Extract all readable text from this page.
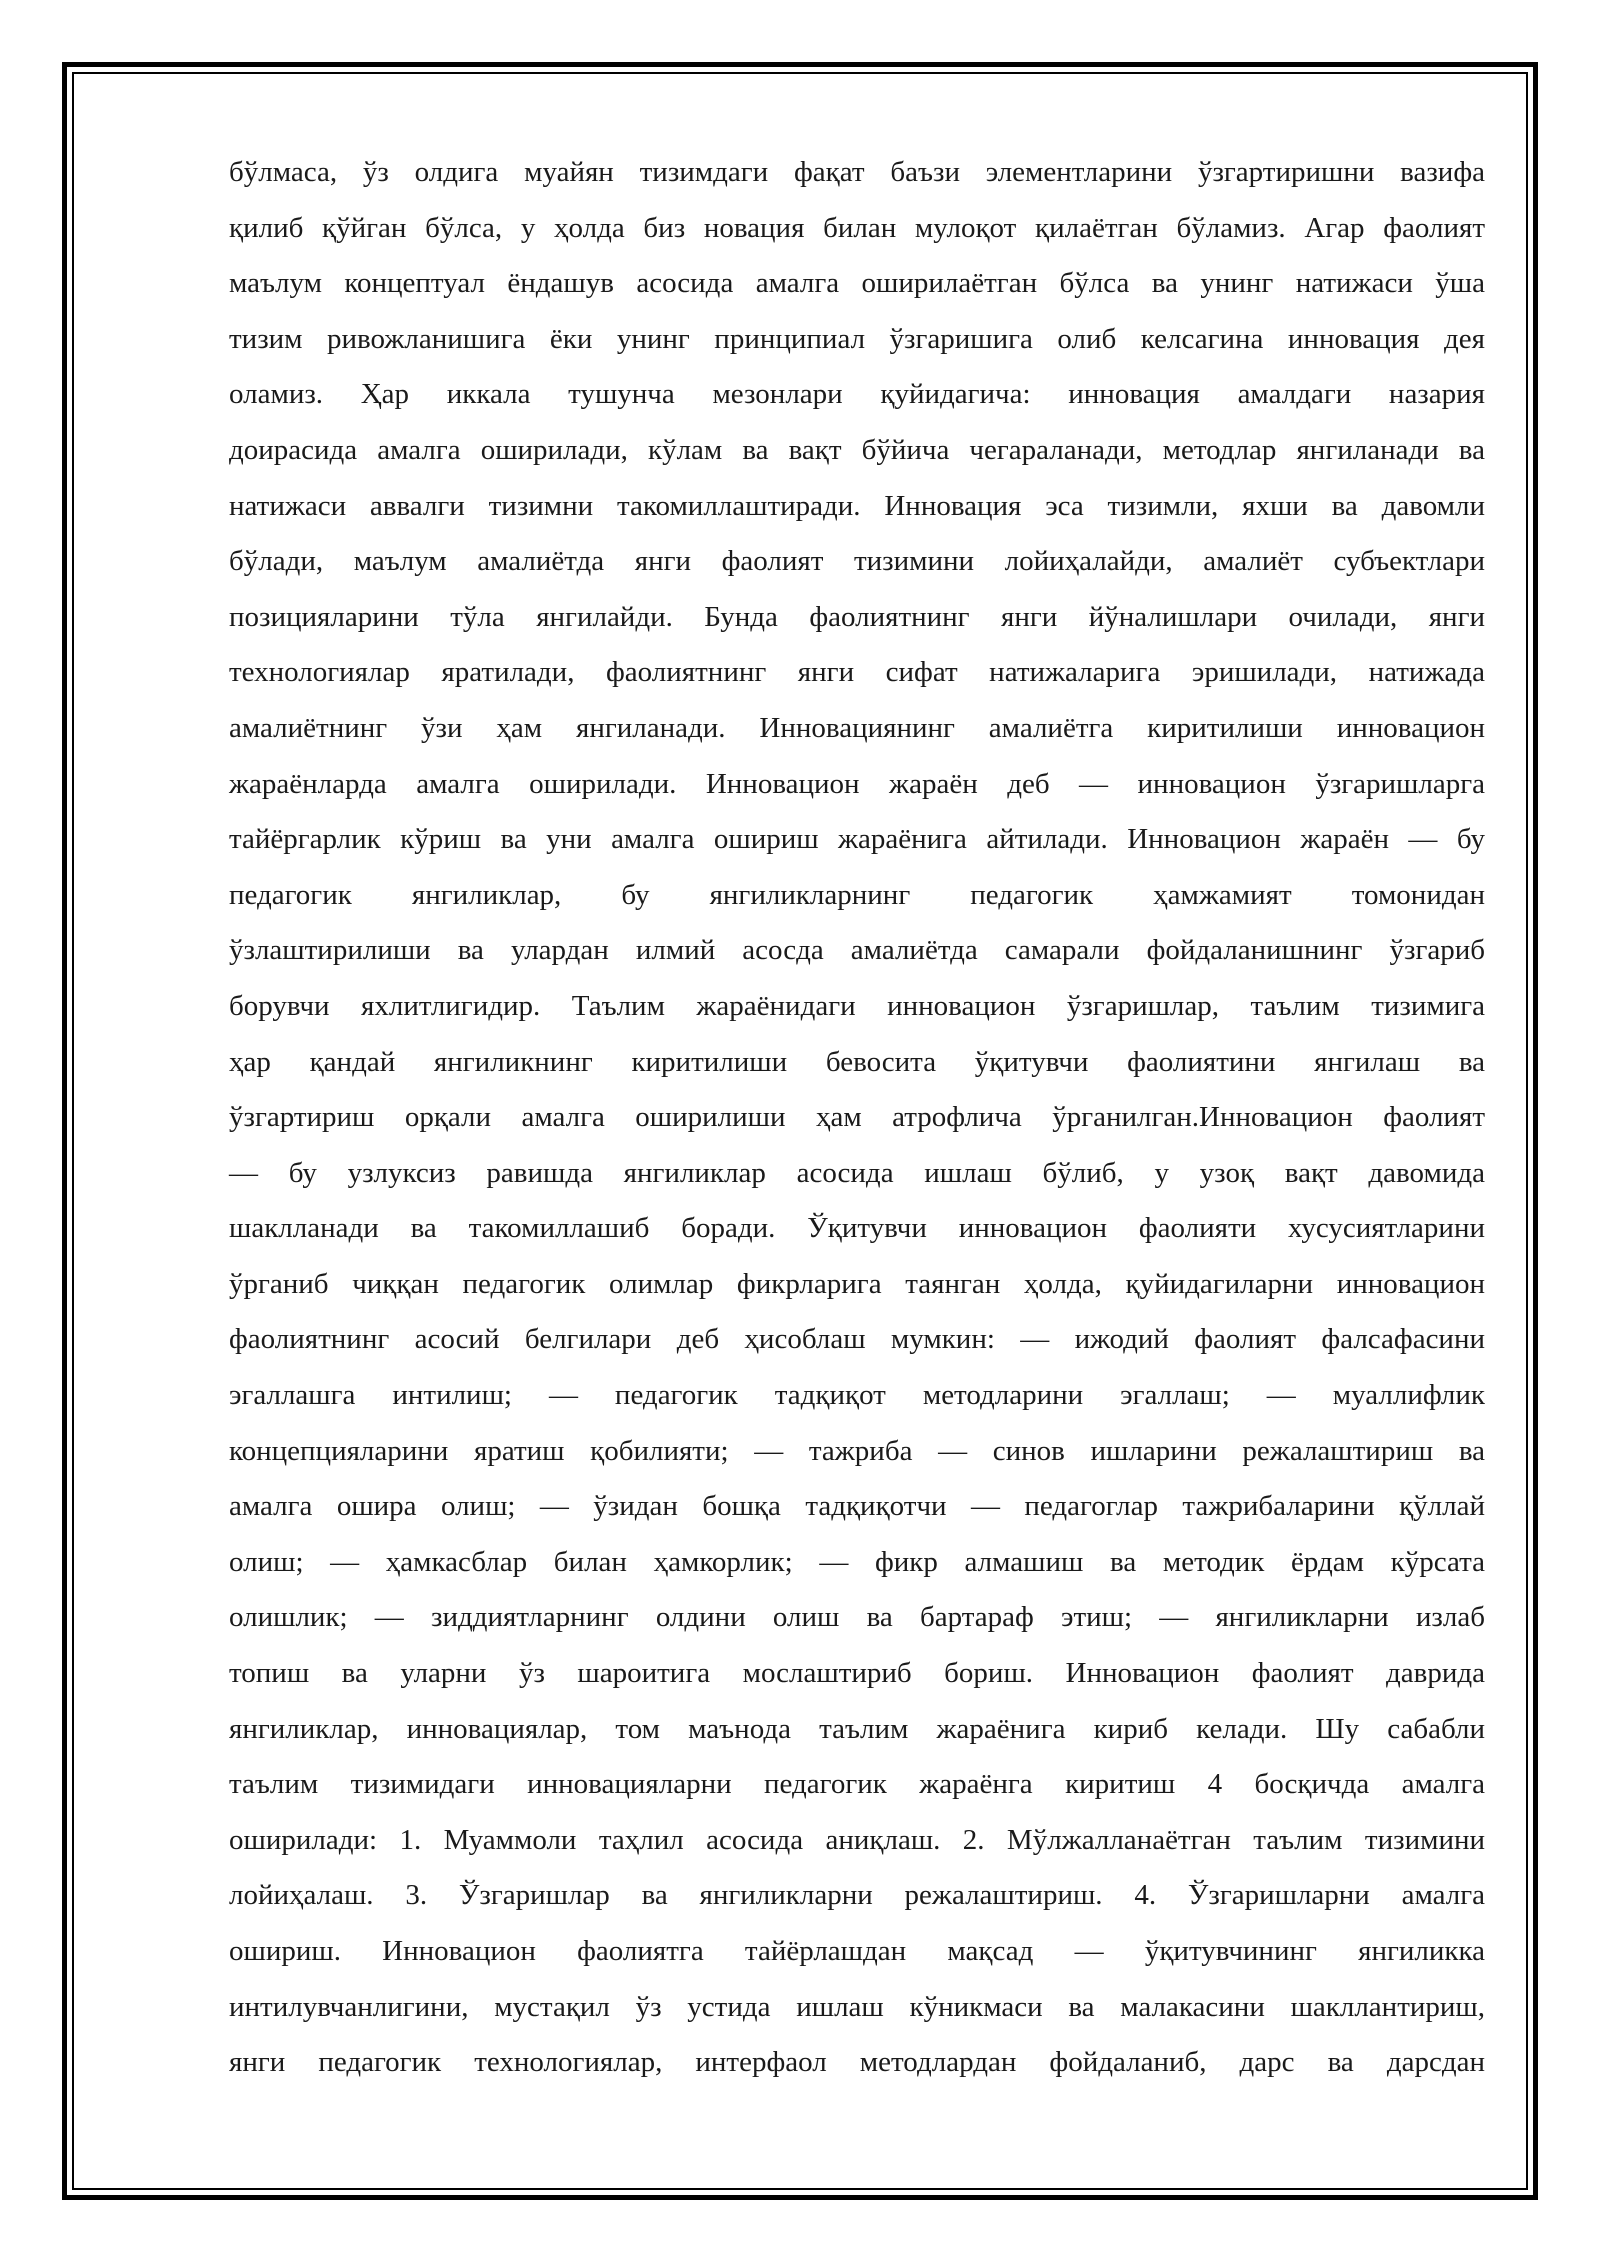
бўлмаса, ўз олдига муайян тизимдаги фақат баъзи элементларини ўзгартиришни вазифа

қилиб қўйган бўлса, у ҳолда биз новация билан мулоқот қилаётган бўламиз. Агар фаолият

маълум концептуал ёндашув асосида амалга оширилаётган бўлса ва унинг натижаси ўша

тизим ривожланишига ёки унинг принципиал ўзгаришига олиб келсагина инновация дея

оламиз. Ҳар иккала тушунча мезонлари қуйидагича: инновация амалдаги назария

доирасида амалга оширилади, кўлам ва вақт бўйича чегараланади, методлар янгиланади ва

натижаси аввалги тизимни такомиллаштиради. Инновация эса тизимли, яхши ва давомли

бўлади, маълум амалиётда янги фаолият тизимини лойиҳалайди, амалиёт субъектлари

позицияларини тўла янгилайди. Бунда фаолиятнинг янги йўналишлари очилади, янги

технологиялар яратилади, фаолиятнинг янги сифат натижаларига эришилади, натижада

амалиётнинг ўзи ҳам янгиланади. Инновациянинг амалиётга киритилиши инновацион

жараёнларда амалга оширилади. Инновацион жараён деб — инновацион ўзгаришларга

тайёргарлик кўриш ва уни амалга ошириш жараёнига айтилади. Инновацион жараён — бу

педагогик янгиликлар, бу янгиликларнинг педагогик ҳамжамият томонидан

ўзлаштирилиши ва улардан илмий асосда амалиётда самарали фойдаланишнинг ўзгариб

борувчи яхлитлигидир. Таълим жараёнидаги инновацион ўзгаришлар, таълим тизимига

ҳар қандай янгиликнинг киритилиши бевосита ўқитувчи фаолиятини янгилаш ва

ўзгартириш орқали амалга оширилиши ҳам атрофлича ўрганилган.Инновацион фаолият

— бу узлуксиз равишда янгиликлар асосида ишлаш бўлиб, у узоқ вақт давомида

шаклланади ва такомиллашиб боради. Ўқитувчи инновацион фаолияти хусусиятларини

ўрганиб чиққан педагогик олимлар фикрларига таянган ҳолда, қуйидагиларни инновацион

фаолиятнинг асосий белгилари деб ҳисоблаш мумкин: — ижодий фаолият фалсафасини

эгаллашга интилиш; — педагогик тадқиқот методларини эгаллаш; — муаллифлик

концепцияларини яратиш қобилияти; — тажриба — синов ишларини режалаштириш ва

амалга ошира олиш; — ўзидан бошқа тадқиқотчи — педагоглар тажрибаларини қўллай

олиш; — ҳамкасблар билан ҳамкорлик; — фикр алмашиш ва методик ёрдам кўрсата

олишлик; — зиддиятларнинг олдини олиш ва бартараф этиш; — янгиликларни излаб

топиш ва уларни ўз шароитига мослаштириб бориш. Инновацион фаолият даврида

янгиликлар, инновациялар, том маънода таълим жараёнига кириб келади. Шу сабабли

таълим тизимидаги инновацияларни педагогик жараёнга киритиш 4 босқичда амалга

оширилади: 1. Муаммоли таҳлил асосида аниқлаш. 2. Мўлжалланаётган таълим тизимини

лойиҳалаш. 3. Ўзгаришлар ва янгиликларни режалаштириш. 4. Ўзгаришларни амалга

ошириш. Инновацион фаолиятга тайёрлашдан мақсад — ўқитувчининг янгиликка

интилувчанлигини, мустақил ўз устида ишлаш кўникмаси ва малакасини шакллантириш,

янги педагогик технологиялар, интерфаол методлардан фойдаланиб, дарс ва дарсдан
